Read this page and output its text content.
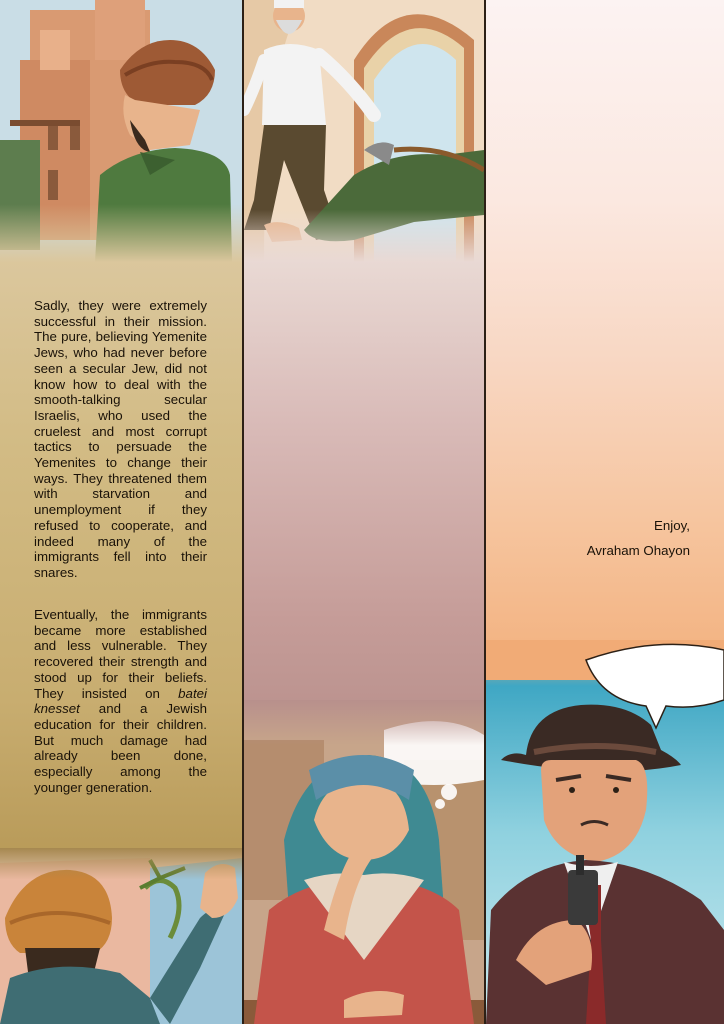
Sadly, they were extremely successful in their mission. The pure, believing Yemenite Jews, who had never before seen a secular Jew, did not know how to deal with the smooth-talking secular Israelis, who used the cruelest and most corrupt tactics to persuade the Yemenites to change their ways. They threatened them with starvation and unemployment if they refused to cooperate, and indeed many of the immigrants fell into their snares.

Eventually, the immigrants became more established and less vulnerable. They recovered their strength and stood up for their beliefs. They insisted on batei knesset and a Jewish education for their children. But much damage had already been done, especially among the younger generation.

Enjoy,
Avraham Ohayon
